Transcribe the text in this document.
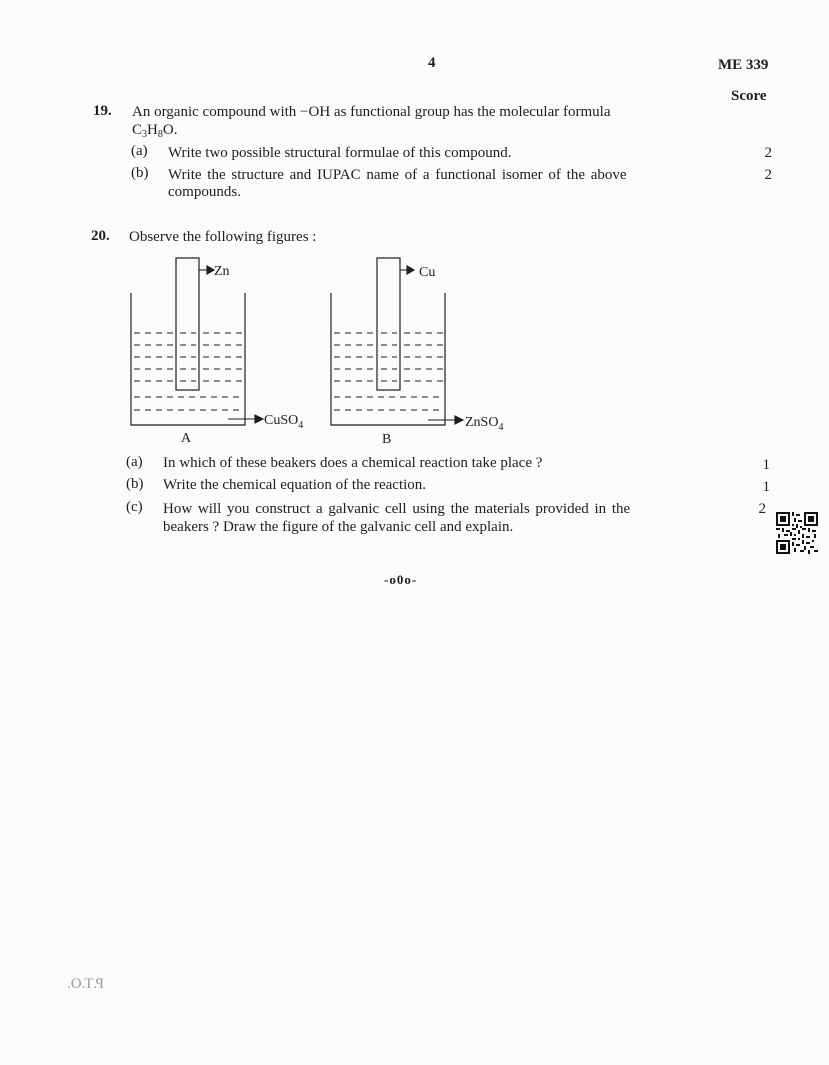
4	ME 339
Score
19. An organic compound with −OH as functional group has the molecular formula
$C_3H_8O$.
(a) Write two possible structural formulae of this compound.	2
(b) Write the structure and IUPAC name of a functional isomer of the above
compounds.
2
20. Observe the following figures :
Zn	Cu
CuSO$_4$	ZnSO$_4$
A	B
(a) In which of these beakers does a chemical reaction take place ?	1
(b) Write the chemical equation of the reaction.	1
(c) How will you construct a galvanic cell using the materials provided in the
beakers ? Draw the figure of the galvanic cell and explain.
2
-o0o-
P.T.O.
